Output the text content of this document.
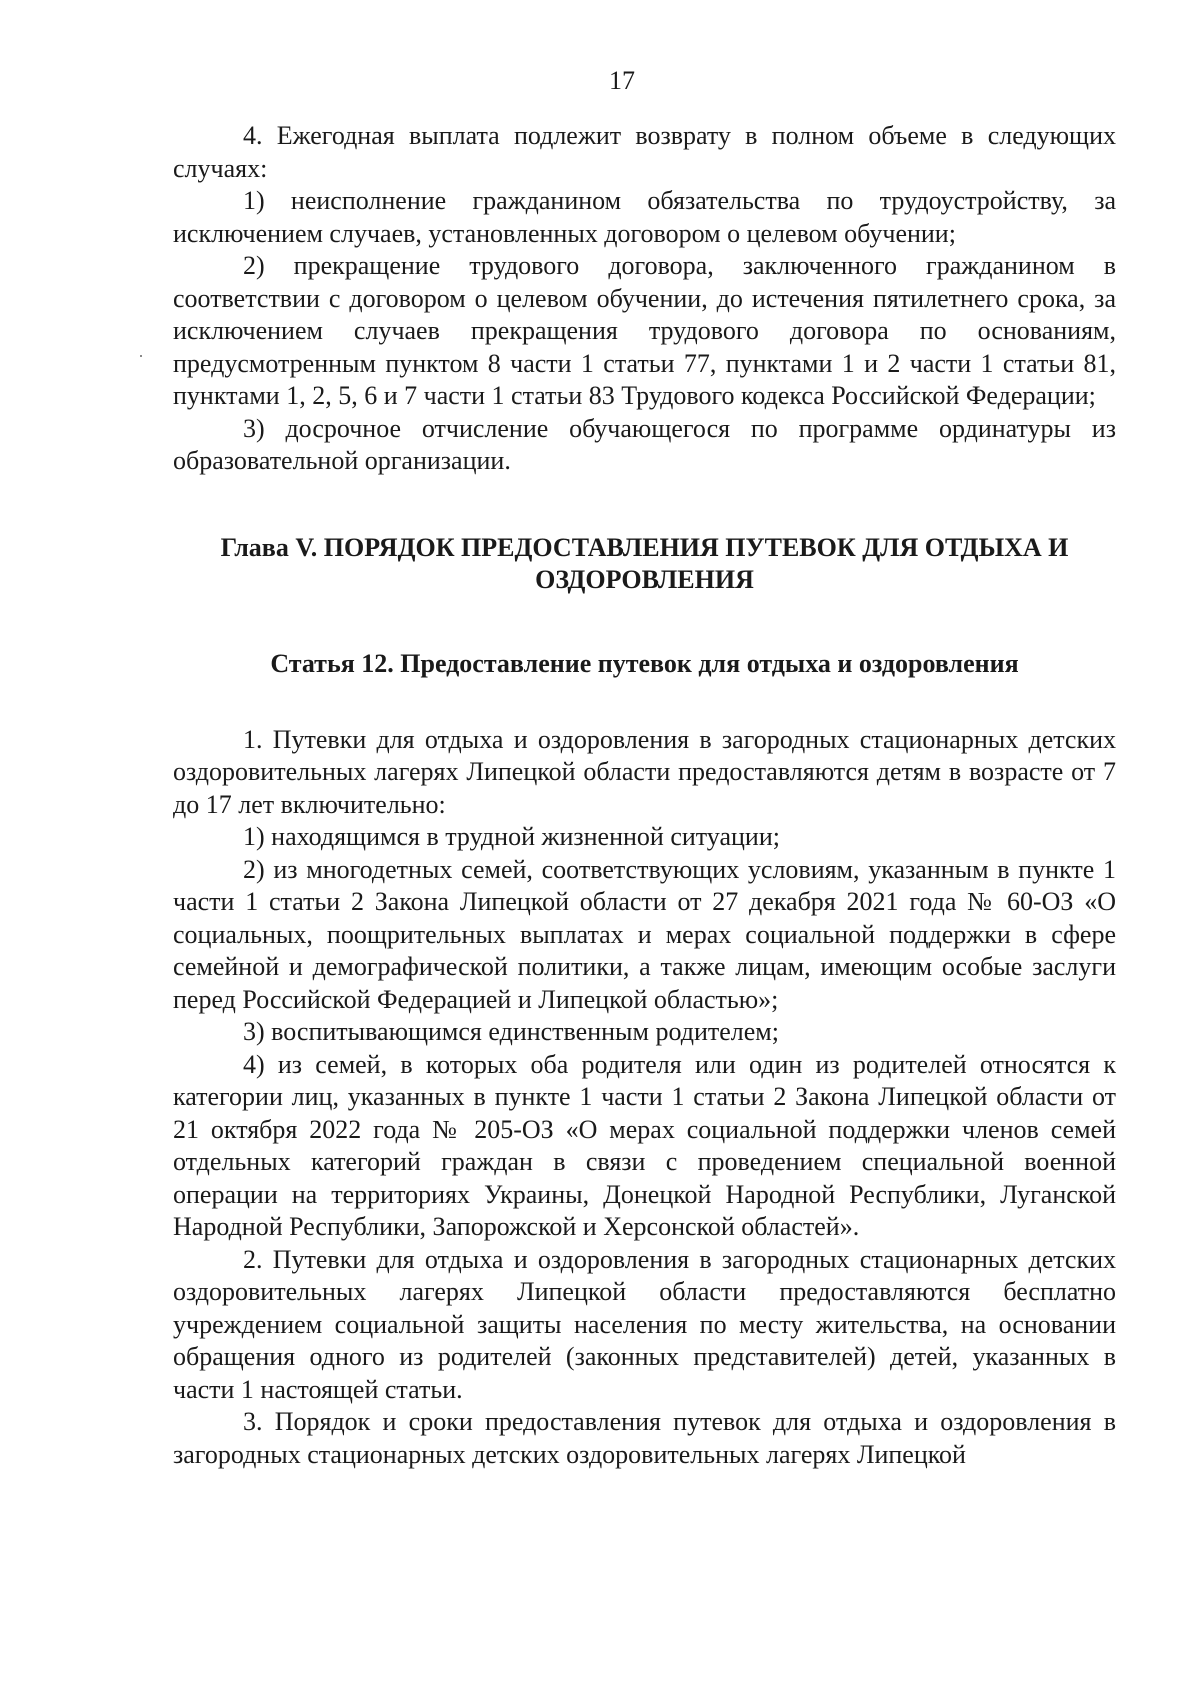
17

4. Ежегодная выплата подлежит возврату в полном объеме в следующих случаях:

1) неисполнение гражданином обязательства по трудоустройству, за исключением случаев, установленных договором о целевом обучении;

2) прекращение трудового договора, заключенного гражданином в соответствии с договором о целевом обучении, до истечения пятилетнего срока, за исключением случаев прекращения трудового договора по основаниям, предусмотренным пунктом 8 части 1 статьи 77, пунктами 1 и 2 части 1 статьи 81, пунктами 1, 2, 5, 6 и 7 части 1 статьи 83 Трудового кодекса Российской Федерации;

3) досрочное отчисление обучающегося по программе ординатуры из образовательной организации.

Глава V. ПОРЯДОК ПРЕДОСТАВЛЕНИЯ ПУТЕВОК ДЛЯ ОТДЫХА И ОЗДОРОВЛЕНИЯ
Статья 12. Предоставление путевок для отдыха и оздоровления

1. Путевки для отдыха и оздоровления в загородных стационарных детских оздоровительных лагерях Липецкой области предоставляются детям в возрасте от 7 до 17 лет включительно:

1) находящимся в трудной жизненной ситуации;

2) из многодетных семей, соответствующих условиям, указанным в пункте 1 части 1 статьи 2 Закона Липецкой области от 27 декабря 2021 года № 60-ОЗ «О социальных, поощрительных выплатах и мерах социальной поддержки в сфере семейной и демографической политики, а также лицам, имеющим особые заслуги перед Российской Федерацией и Липецкой областью»;

3) воспитывающимся единственным родителем;

4) из семей, в которых оба родителя или один из родителей относятся к категории лиц, указанных в пункте 1 части 1 статьи 2 Закона Липецкой области от 21 октября 2022 года № 205-ОЗ «О мерах социальной поддержки членов семей отдельных категорий граждан в связи с проведением специальной военной операции на территориях Украины, Донецкой Народной Республики, Луганской Народной Республики, Запорожской и Херсонской областей».

2. Путевки для отдыха и оздоровления в загородных стационарных детских оздоровительных лагерях Липецкой области предоставляются бесплатно учреждением социальной защиты населения по месту жительства, на основании обращения одного из родителей (законных представителей) детей, указанных в части 1 настоящей статьи.

3. Порядок и сроки предоставления путевок для отдыха и оздоровления в загородных стационарных детских оздоровительных лагерях Липецкой
